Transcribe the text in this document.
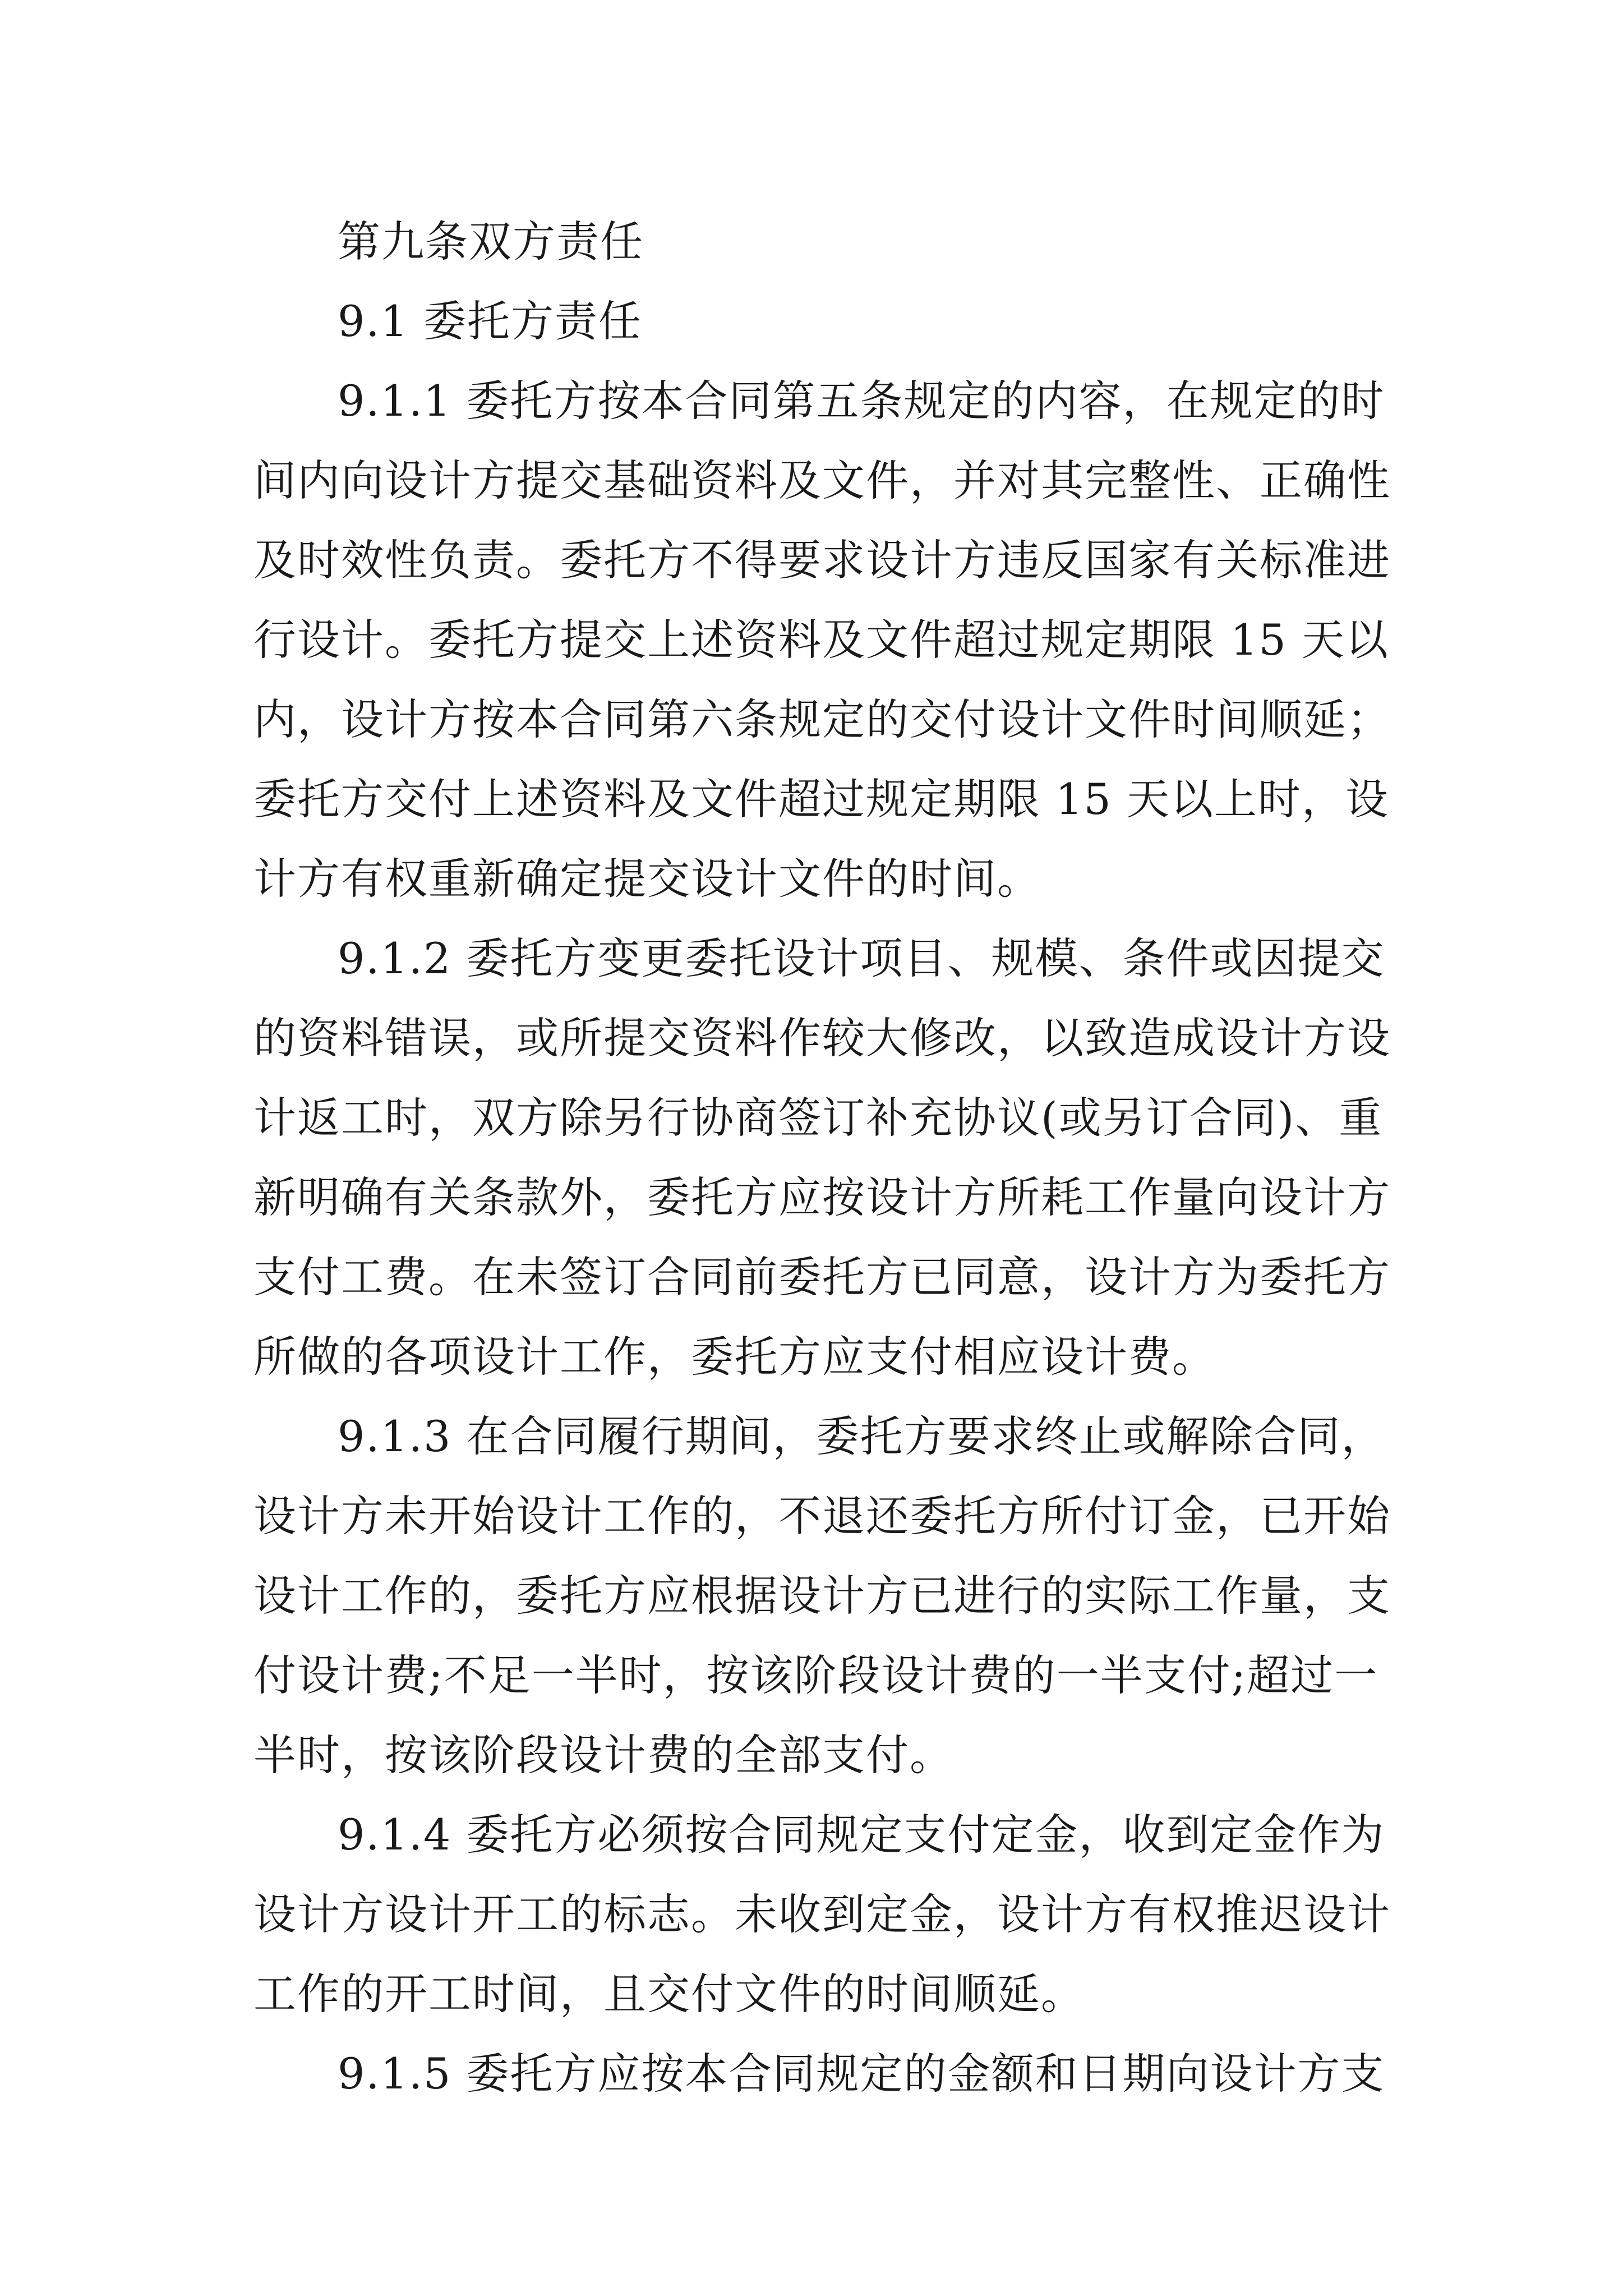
第九条双方责任
9.1 委托方责任
9.1.1 委托方按本合同第五条规定的内容，在规定的时
间内向设计方提交基础资料及文件，并对其完整性、正确性
及时效性负责。委托方不得要求设计方违反国家有关标准进
行设计。委托方提交上述资料及文件超过规定期限 15 天以
内，设计方按本合同第六条规定的交付设计文件时间顺延；
委托方交付上述资料及文件超过规定期限 15 天以上时，设
计方有权重新确定提交设计文件的时间。
9.1.2 委托方变更委托设计项目、规模、条件或因提交
的资料错误，或所提交资料作较大修改，以致造成设计方设
计返工时，双方除另行协商签订补充协议(或另订合同)、重
新明确有关条款外，委托方应按设计方所耗工作量向设计方
支付工费。在未签订合同前委托方已同意，设计方为委托方
所做的各项设计工作，委托方应支付相应设计费。
9.1.3 在合同履行期间，委托方要求终止或解除合同，
设计方未开始设计工作的，不退还委托方所付订金，已开始
设计工作的，委托方应根据设计方已进行的实际工作量，支
付设计费;不足一半时，按该阶段设计费的一半支付;超过一
半时，按该阶段设计费的全部支付。
9.1.4 委托方必须按合同规定支付定金，收到定金作为
设计方设计开工的标志。未收到定金，设计方有权推迟设计
工作的开工时间，且交付文件的时间顺延。
9.1.5 委托方应按本合同规定的金额和日期向设计方支
